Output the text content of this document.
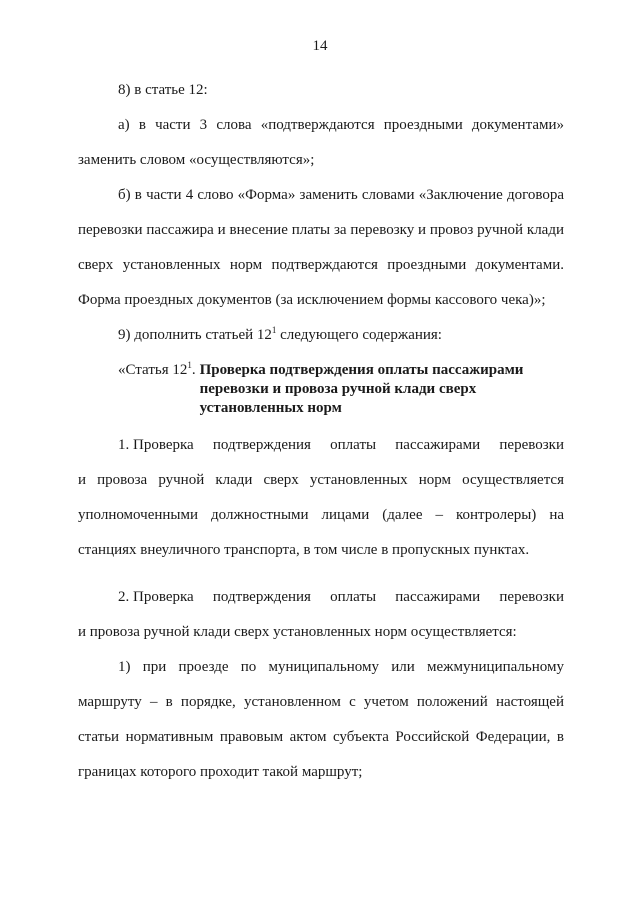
14

8) в статье 12:

а) в части 3 слова «подтверждаются проездными документами»

заменить словом «осуществляются»;

б) в части 4 слово «Форма» заменить словами «Заключение договора перевозки пассажира и внесение платы за перевозку и провоз ручной клади сверх установленных норм подтверждаются проездными документами. Форма проездных документов (за исключением формы кассового чека)»;

9) дополнить статьей $12^1$ следующего содержания:

«Статья $12^1$. Проверка подтверждения оплаты пассажирами перевозки и провоза ручной клади сверх установленных норм
1. Проверка подтверждения оплаты пассажирами перевозки

и провоза ручной клади сверх установленных норм осуществляется уполномоченными должностными лицами (далее – контролеры) на станциях внеуличного транспорта, в том числе в пропускных пунктах.

2. Проверка подтверждения оплаты пассажирами перевозки

и провоза ручной клади сверх установленных норм осуществляется:

1) при проезде по муниципальному или межмуниципальному маршруту – в порядке, установленном с учетом положений настоящей статьи нормативным правовым актом субъекта Российской Федерации, в границах которого проходит такой маршрут;
